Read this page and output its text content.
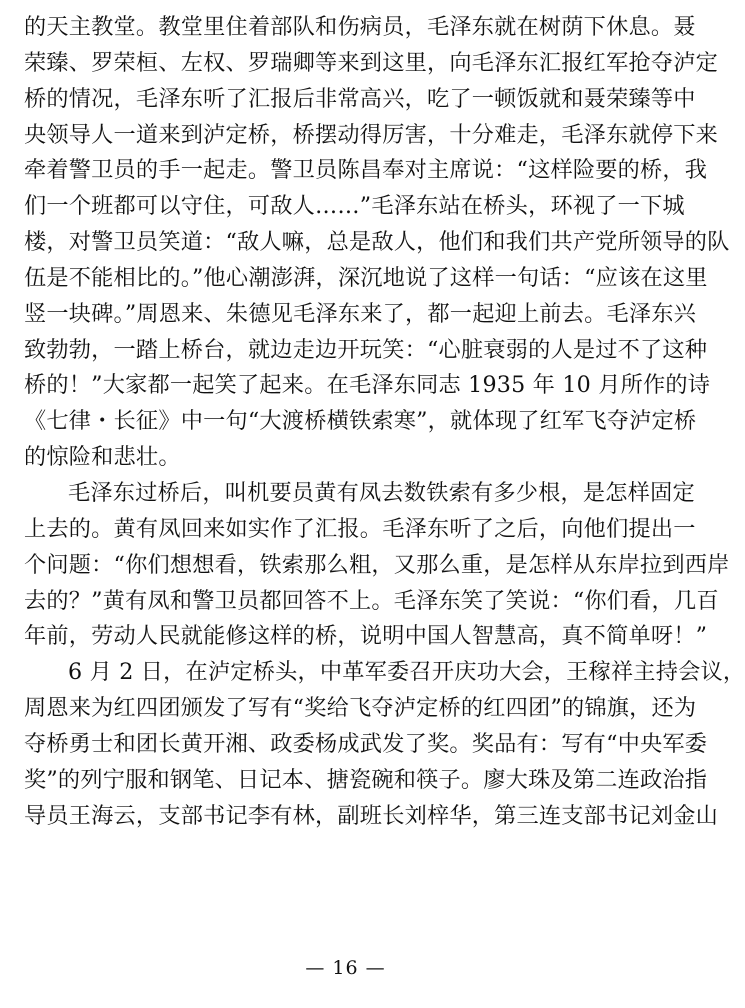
的天主教堂。教堂里住着部队和伤病员，毛泽东就在树荫下休息。聂
荣臻、罗荣桓、左权、罗瑞卿等来到这里，向毛泽东汇报红军抢夺泸定
桥的情况，毛泽东听了汇报后非常高兴，吃了一顿饭就和聂荣臻等中
央领导人一道来到泸定桥，桥摆动得厉害，十分难走，毛泽东就停下来
牵着警卫员的手一起走。警卫员陈昌奉对主席说：“这样险要的桥，我
们一个班都可以守住，可敌人……”毛泽东站在桥头，环视了一下城
楼，对警卫员笑道：“敌人嘛，总是敌人，他们和我们共产党所领导的队
伍是不能相比的。”他心潮澎湃，深沉地说了这样一句话：“应该在这里
竖一块碑。”周恩来、朱德见毛泽东来了，都一起迎上前去。毛泽东兴
致勃勃，一踏上桥台，就边走边开玩笑：“心脏衰弱的人是过不了这种
桥的！”大家都一起笑了起来。在毛泽东同志 1935 年 10 月所作的诗
《七律・长征》中一句“大渡桥横铁索寒”，就体现了红军飞夺泸定桥
的惊险和悲壮。
毛泽东过桥后，叫机要员黄有凤去数铁索有多少根，是怎样固定
上去的。黄有凤回来如实作了汇报。毛泽东听了之后，向他们提出一
个问题：“你们想想看，铁索那么粗，又那么重，是怎样从东岸拉到西岸
去的？”黄有凤和警卫员都回答不上。毛泽东笑了笑说：“你们看，几百
年前，劳动人民就能修这样的桥，说明中国人智慧高，真不简单呀！”
6 月 2 日，在泸定桥头，中革军委召开庆功大会，王稼祥主持会议，
周恩来为红四团颁发了写有“奖给飞夺泸定桥的红四团”的锦旗，还为
夺桥勇士和团长黄开湘、政委杨成武发了奖。奖品有：写有“中央军委
奖”的列宁服和钢笔、日记本、搪瓷碗和筷子。廖大珠及第二连政治指
导员王海云，支部书记李有林，副班长刘梓华，第三连支部书记刘金山
— 16 —
